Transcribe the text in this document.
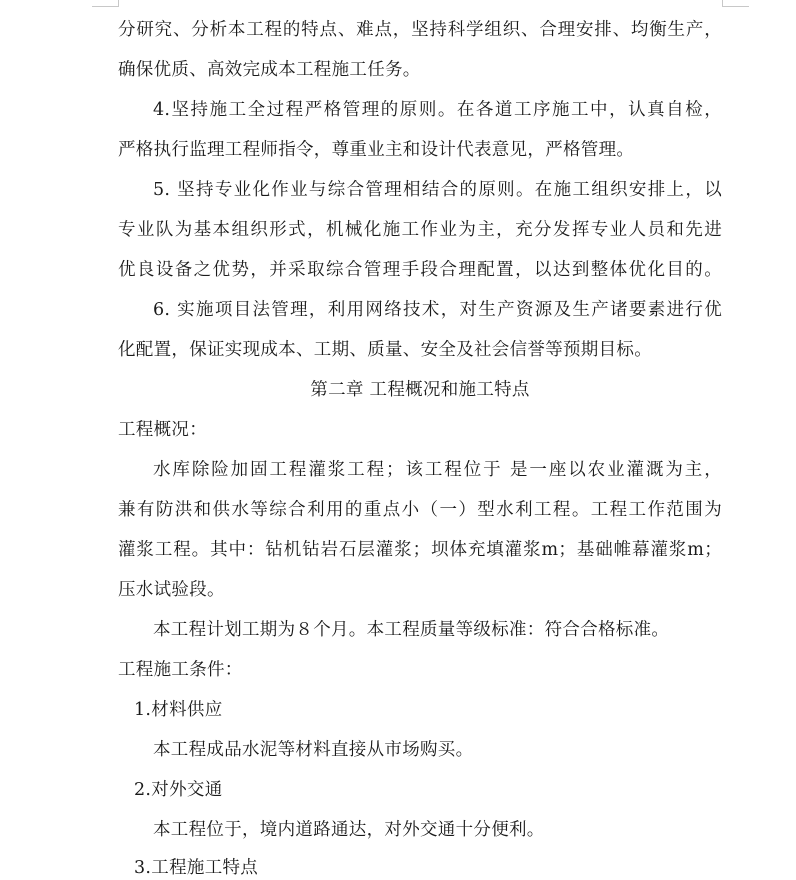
分研究、分析本工程的特点、难点，坚持科学组织、合理安排、均衡生产，
确保优质、高效完成本工程施工任务。
4.坚持施工全过程严格管理的原则。在各道工序施工中，认真自检，
严格执行监理工程师指令，尊重业主和设计代表意见，严格管理。
5. 坚持专业化作业与综合管理相结合的原则。在施工组织安排上，以
专业队为基本组织形式，机械化施工作业为主，充分发挥专业人员和先进
优良设备之优势，并采取综合管理手段合理配置，以达到整体优化目的。
6. 实施项目法管理，利用网络技术，对生产资源及生产诸要素进行优
化配置，保证实现成本、工期、质量、安全及社会信誉等预期目标。
第二章 工程概况和施工特点
工程概况：
水库除险加固工程灌浆工程；该工程位于 是一座以农业灌溉为主，
兼有防洪和供水等综合利用的重点小（一）型水利工程。工程工作范围为
灌浆工程。其中：钻机钻岩石层灌浆；坝体充填灌浆m；基础帷幕灌浆m；
压水试验段。
本工程计划工期为８个月。本工程质量等级标准：符合合格标准。
工程施工条件：
1.材料供应
本工程成品水泥等材料直接从市场购买。
2.对外交通
本工程位于，境内道路通达，对外交通十分便利。
3.工程施工特点
